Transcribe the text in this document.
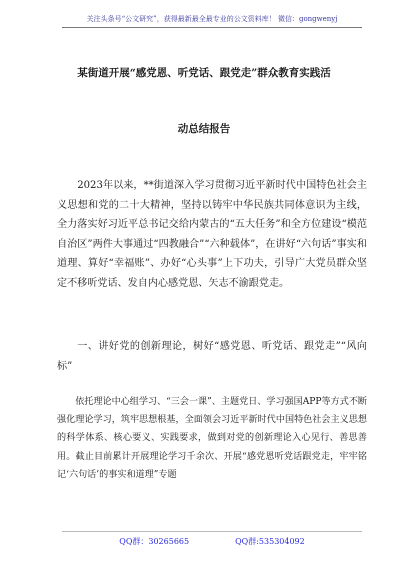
关注头条号“公文研究”，获得最新最全最专业的公文资料库！ 微信：gongwenyj
某街道开展“感党恩、听党话、跟党走”群众教育实践活
动总结报告

2023年以来，**街道深入学习贯彻习近平新时代中国特色社会主义思想和党的二十大精神，坚持以铸牢中华民族共同体意识为主线，全力落实好习近平总书记交给内蒙古的“五大任务”和全方位建设“模范自治区”两件大事通过“四教融合”“六种载体”，在讲好“六句话”事实和道理、算好“幸福账”、办好“心头事”上下功夫，引导广大党员群众坚定不移听党话、发自内心感党恩、矢志不渝跟党走。

一、讲好党的创新理论，树好“感党恩、听党话、跟党走”“风向标”

依托理论中心组学习、“三会一课”、主题党日、学习强国APP等方式不断强化理论学习，筑牢思想根基，全面领会习近平新时代中国特色社会主义思想的科学体系、核心要义、实践要求，做到对党的创新理论入心见行、善思善用。截止目前累计开展理论学习千余次、开展“感党恩听党话跟党走，牢牢铭记‘六句话’的事实和道理”专题

QQ群：30265665	QQ群:535304092
